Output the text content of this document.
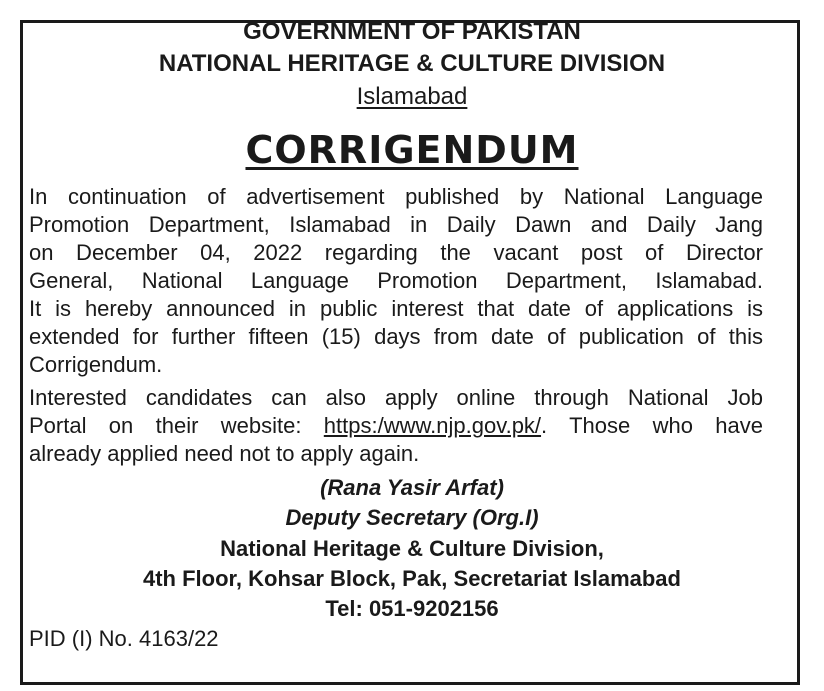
GOVERNMENT OF PAKISTAN
NATIONAL HERITAGE & CULTURE DIVISION
Islamabad
CORRIGENDUM
In continuation of advertisement published by National Language
Promotion Department, Islamabad in Daily Dawn and Daily Jang
on December 04, 2022 regarding the vacant post of Director
General, National Language Promotion Department, Islamabad.
It is hereby announced in public interest that date of applications is
extended for further fifteen (15) days from date of publication of this
Corrigendum.
Interested candidates can also apply online through National Job
Portal on their website: https:/www.njp.gov.pk/. Those who have
already applied need not to apply again.
(Rana Yasir Arfat)
Deputy Secretary (Org.I)
National Heritage & Culture Division,
4th Floor, Kohsar Block, Pak, Secretariat Islamabad
Tel: 051-9202156
PID (I) No. 4163/22
